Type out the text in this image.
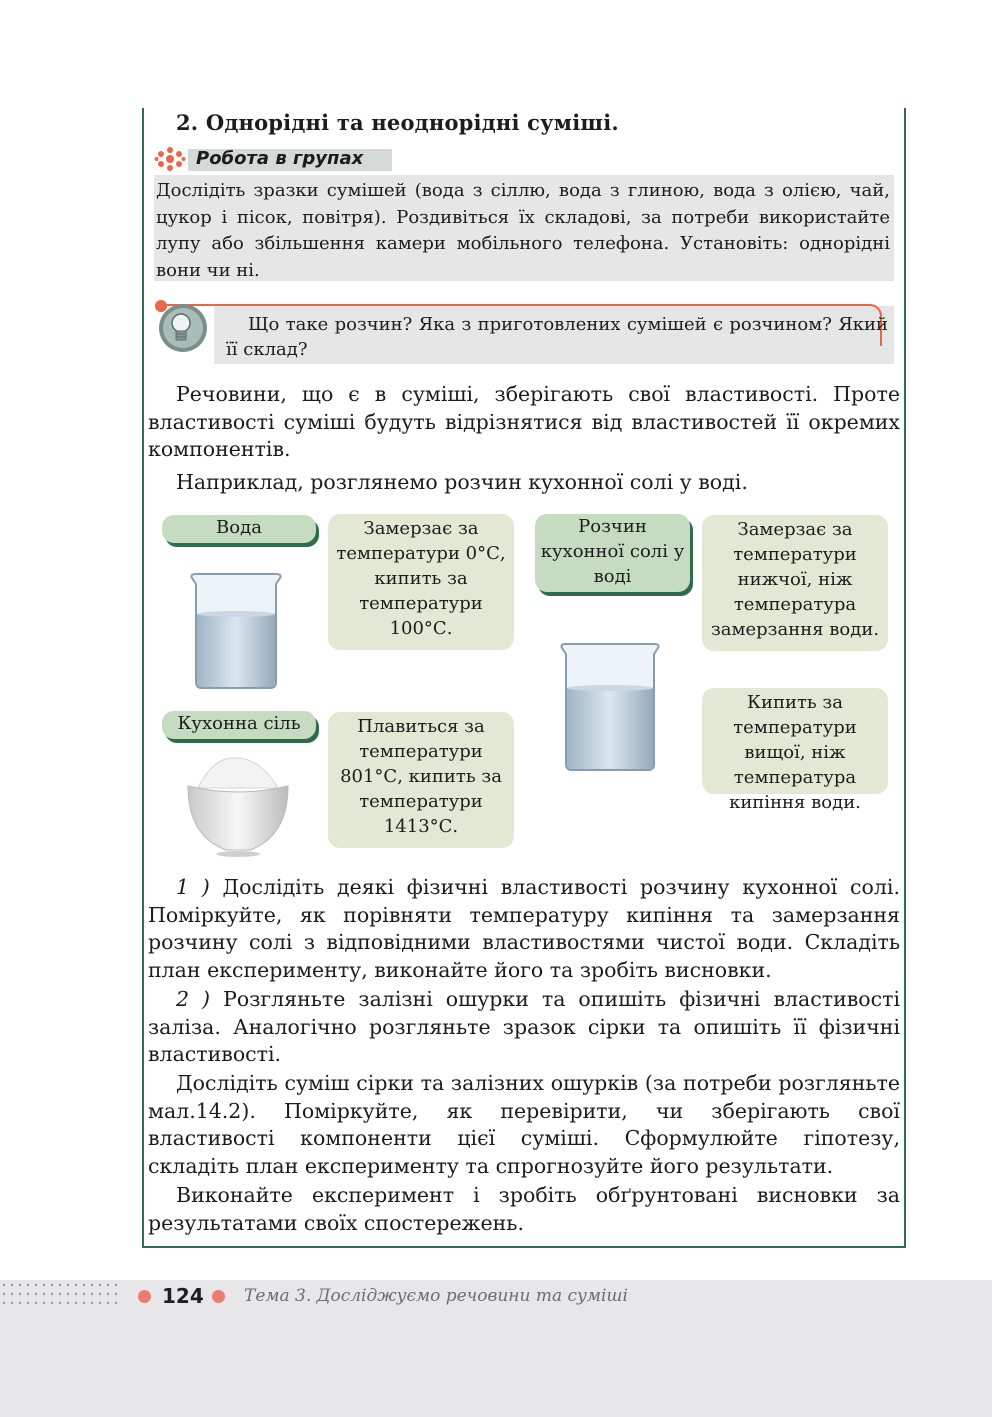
2. Однорідні та неоднорідні суміші.
Робота в групах
Дослідіть зразки сумішей (вода з сіллю, вода з глиною, вода з олією, чай, цукор і пісок, повітря). Роздивіться їх складові, за потреби використайте лупу або збільшення камери мобільного телефона. Установіть: однорідні вони чи ні.
Що таке розчин? Яка з приготовлених сумішей є розчином? Який її склад?
Речовини, що є в суміші, зберігають свої властивості. Проте властивості суміші будуть відрізнятися від властивостей її окремих компонентів.
Наприклад, розглянемо розчин кухонної солі у воді.
Вода	Замерзає за температури 0°С, кипить за температури 100°С.
Кухонна сіль	Плавиться за температури 801°С, кипить за температури 1413°С.
Розчин кухонної солі у воді
Замерзає за температури нижчої, ніж температура замерзання води.
Кипить за температури вищої, ніж температура кипіння води.
1 ) Дослідіть деякі фізичні властивості розчину кухонної солі. Поміркуйте, як порівняти температуру кипіння та замерзання розчину солі з відповідними властивостями чистої води. Складіть план експерименту, виконайте його та зробіть висновки.
2 ) Розгляньте залізні ошурки та опишіть фізичні властивості заліза. Аналогічно розгляньте зразок сірки та опишіть її фізичні властивості.
Дослідіть суміш сірки та залізних ошурків (за потреби розгляньте мал.14.2). Поміркуйте, як перевірити, чи зберігають свої властивості компоненти цієї суміші. Сформулюйте гіпотезу, складіть план експерименту та спрогнозуйте його результати.
Виконайте експеримент і зробіть обґрунтовані висновки за результатами своїх спостережень.
124 Тема 3. Досліджуємо речовини та суміші
